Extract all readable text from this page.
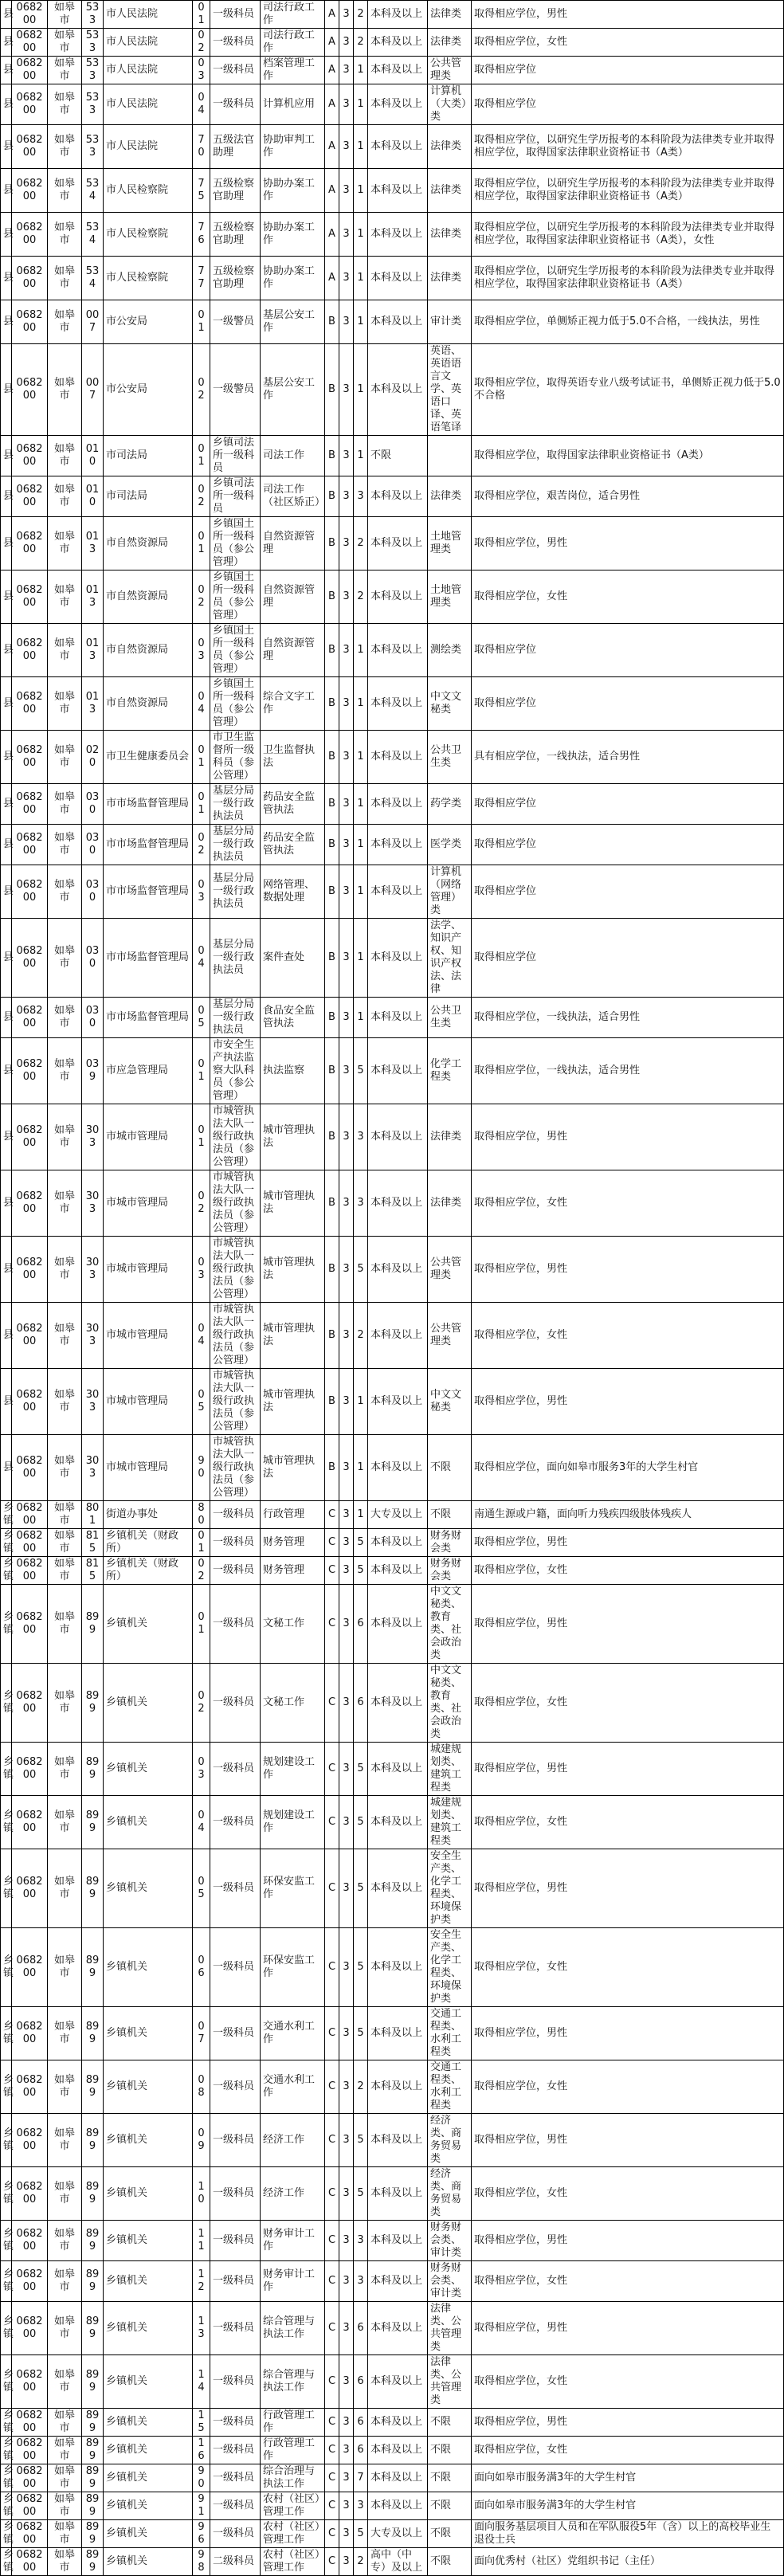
县	068200	如皋市	533	市人民法院	01	一级科员	司法行政工作	A	3	2	本科及以上	法律类	取得相应学位，男性
县	068200	如皋市	533	市人民法院	02	一级科员	司法行政工作	A	3	2	本科及以上	法律类	取得相应学位，女性
县	068200	如皋市	533	市人民法院	03	一级科员	档案管理工作	A	3	1	本科及以上	公共管理类	取得相应学位
县	068200	如皋市	533	市人民法院	04	一级科员	计算机应用	A	3	1	本科及以上	计算机（大类）类	取得相应学位
县	068200	如皋市	533	市人民法院	70	五级法官助理	协助审判工作	A	3	1	本科及以上	法律类	取得相应学位，以研究生学历报考的本科阶段为法律类专业并取得相应学位，取得国家法律职业资格证书（A类）
县	068200	如皋市	534	市人民检察院	75	五级检察官助理	协助办案工作	A	3	1	本科及以上	法律类	取得相应学位，以研究生学历报考的本科阶段为法律类专业并取得相应学位，取得国家法律职业资格证书（A类）
县	068200	如皋市	534	市人民检察院	76	五级检察官助理	协助办案工作	A	3	1	本科及以上	法律类	取得相应学位，以研究生学历报考的本科阶段为法律类专业并取得相应学位，取得国家法律职业资格证书（A类），女性
县	068200	如皋市	534	市人民检察院	77	五级检察官助理	协助办案工作	A	3	1	本科及以上	法律类	取得相应学位，以研究生学历报考的本科阶段为法律类专业并取得相应学位，取得国家法律职业资格证书（A类）
县	068200	如皋市	007	市公安局	01	一级警员	基层公安工作	B	3	1	本科及以上	审计类	取得相应学位，单侧矫正视力低于5.0不合格，一线执法，男性
县	068200	如皋市	007	市公安局	02	一级警员	基层公安工作	B	3	1	本科及以上	英语、英语语言文学、英语口译、英语笔译	取得相应学位，取得英语专业八级考试证书，单侧矫正视力低于5.0不合格
县	068200	如皋市	010	市司法局	01	乡镇司法所一级科员	司法工作	B	3	1	不限		取得相应学位，取得国家法律职业资格证书（A类）
县	068200	如皋市	010	市司法局	02	乡镇司法所一级科员	司法工作（社区矫正）	B	3	3	本科及以上	法律类	取得相应学位，艰苦岗位，适合男性
县	068200	如皋市	013	市自然资源局	01	乡镇国土所一级科员（参公管理）	自然资源管理	B	3	2	本科及以上	土地管理类	取得相应学位，男性
县	068200	如皋市	013	市自然资源局	02	乡镇国土所一级科员（参公管理）	自然资源管理	B	3	2	本科及以上	土地管理类	取得相应学位，女性
县	068200	如皋市	013	市自然资源局	03	乡镇国土所一级科员（参公管理）	自然资源管理	B	3	1	本科及以上	测绘类	取得相应学位
县	068200	如皋市	013	市自然资源局	04	乡镇国土所一级科员（参公管理）	综合文字工作	B	3	1	本科及以上	中文文秘类	取得相应学位
县	068200	如皋市	020	市卫生健康委员会	01	市卫生监督所一级科员（参公管理）	卫生监督执法	B	3	1	本科及以上	公共卫生类	具有相应学位，一线执法，适合男性
县	068200	如皋市	030	市市场监督管理局	01	基层分局一级行政执法员	药品安全监管执法	B	3	1	本科及以上	药学类	取得相应学位
县	068200	如皋市	030	市市场监督管理局	02	基层分局一级行政执法员	药品安全监管执法	B	3	1	本科及以上	医学类	取得相应学位
县	068200	如皋市	030	市市场监督管理局	03	基层分局一级行政执法员	网络管理、数据处理	B	3	1	本科及以上	计算机（网络管理）类	取得相应学位
县	068200	如皋市	030	市市场监督管理局	04	基层分局一级行政执法员	案件查处	B	3	1	本科及以上	法学、知识产权、知识产权法、法律	取得相应学位
县	068200	如皋市	030	市市场监督管理局	05	基层分局一级行政执法员	食品安全监管执法	B	3	1	本科及以上	公共卫生类	取得相应学位，一线执法，适合男性
县	068200	如皋市	039	市应急管理局	01	市安全生产执法监察大队科员（参公管理）	执法监察	B	3	5	本科及以上	化学工程类	取得相应学位，一线执法，适合男性
县	068200	如皋市	303	市城市管理局	01	市城管执法大队一级行政执法员（参公管理）	城市管理执法	B	3	3	本科及以上	法律类	取得相应学位，男性
县	068200	如皋市	303	市城市管理局	02	市城管执法大队一级行政执法员（参公管理）	城市管理执法	B	3	3	本科及以上	法律类	取得相应学位，女性
县	068200	如皋市	303	市城市管理局	03	市城管执法大队一级行政执法员（参公管理）	城市管理执法	B	3	5	本科及以上	公共管理类	取得相应学位，男性
县	068200	如皋市	303	市城市管理局	04	市城管执法大队一级行政执法员（参公管理）	城市管理执法	B	3	2	本科及以上	公共管理类	取得相应学位，女性
县	068200	如皋市	303	市城市管理局	05	市城管执法大队一级行政执法员（参公管理）	城市管理执法	B	3	1	本科及以上	中文文秘类	取得相应学位，男性
县	068200	如皋市	303	市城市管理局	90	市城管执法大队一级行政执法员（参公管理）	城市管理执法	B	3	1	本科及以上	不限	取得相应学位，面向如皋市服务3年的大学生村官
乡镇	068200	如皋市	801	街道办事处	80	一级科员	行政管理	C	3	1	大专及以上	不限	南通生源或户籍，面向听力残疾四级肢体残疾人
乡镇	068200	如皋市	815	乡镇机关（财政所）	01	一级科员	财务管理	C	3	5	本科及以上	财务财会类	取得相应学位，男性
乡镇	068200	如皋市	815	乡镇机关（财政所）	02	一级科员	财务管理	C	3	5	本科及以上	财务财会类	取得相应学位，女性
乡镇	068200	如皋市	899	乡镇机关	01	一级科员	文秘工作	C	3	6	本科及以上	中文文秘类、教育类、社会政治类	取得相应学位，男性
乡镇	068200	如皋市	899	乡镇机关	02	一级科员	文秘工作	C	3	6	本科及以上	中文文秘类、教育类、社会政治类	取得相应学位，女性
乡镇	068200	如皋市	899	乡镇机关	03	一级科员	规划建设工作	C	3	5	本科及以上	城建规划类、建筑工程类	取得相应学位，男性
乡镇	068200	如皋市	899	乡镇机关	04	一级科员	规划建设工作	C	3	5	本科及以上	城建规划类、建筑工程类	取得相应学位，女性
乡镇	068200	如皋市	899	乡镇机关	05	一级科员	环保安监工作	C	3	5	本科及以上	安全生产类、化学工程类、环境保护类	取得相应学位，男性
乡镇	068200	如皋市	899	乡镇机关	06	一级科员	环保安监工作	C	3	5	本科及以上	安全生产类、化学工程类、环境保护类	取得相应学位，女性
乡镇	068200	如皋市	899	乡镇机关	07	一级科员	交通水利工作	C	3	5	本科及以上	交通工程类、水利工程类	取得相应学位，男性
乡镇	068200	如皋市	899	乡镇机关	08	一级科员	交通水利工作	C	3	2	本科及以上	交通工程类、水利工程类	取得相应学位，女性
乡镇	068200	如皋市	899	乡镇机关	09	一级科员	经济工作	C	3	5	本科及以上	经济类、商务贸易类	取得相应学位，男性
乡镇	068200	如皋市	899	乡镇机关	10	一级科员	经济工作	C	3	5	本科及以上	经济类、商务贸易类	取得相应学位，女性
乡镇	068200	如皋市	899	乡镇机关	11	一级科员	财务审计工作	C	3	3	本科及以上	财务财会类、审计类	取得相应学位，男性
乡镇	068200	如皋市	899	乡镇机关	12	一级科员	财务审计工作	C	3	3	本科及以上	财务财会类、审计类	取得相应学位，女性
乡镇	068200	如皋市	899	乡镇机关	13	一级科员	综合管理与执法工作	C	3	6	本科及以上	法律类、公共管理类	取得相应学位，男性
乡镇	068200	如皋市	899	乡镇机关	14	一级科员	综合管理与执法工作	C	3	6	本科及以上	法律类、公共管理类	取得相应学位，女性
乡镇	068200	如皋市	899	乡镇机关	15	一级科员	行政管理工作	C	3	6	本科及以上	不限	取得相应学位，男性
乡镇	068200	如皋市	899	乡镇机关	16	一级科员	行政管理工作	C	3	6	本科及以上	不限	取得相应学位，女性
乡镇	068200	如皋市	899	乡镇机关	90	一级科员	综合治理与执法工作	C	3	7	本科及以上	不限	面向如皋市服务满3年的大学生村官
乡镇	068200	如皋市	899	乡镇机关	91	一级科员	农村（社区）管理工作	C	3	3	本科及以上	不限	面向如皋市服务满3年的大学生村官
乡镇	068200	如皋市	899	乡镇机关	96	一级科员	农村（社区）管理工作	C	3	5	大专及以上	不限	面向服务基层项目人员和在军队服役5年（含）以上的高校毕业生退役士兵
乡镇	068200	如皋市	899	乡镇机关	98	二级科员	农村（社区）管理工作	C	3	2	高中（中专）及以上	不限	面向优秀村（社区）党组织书记（主任）
